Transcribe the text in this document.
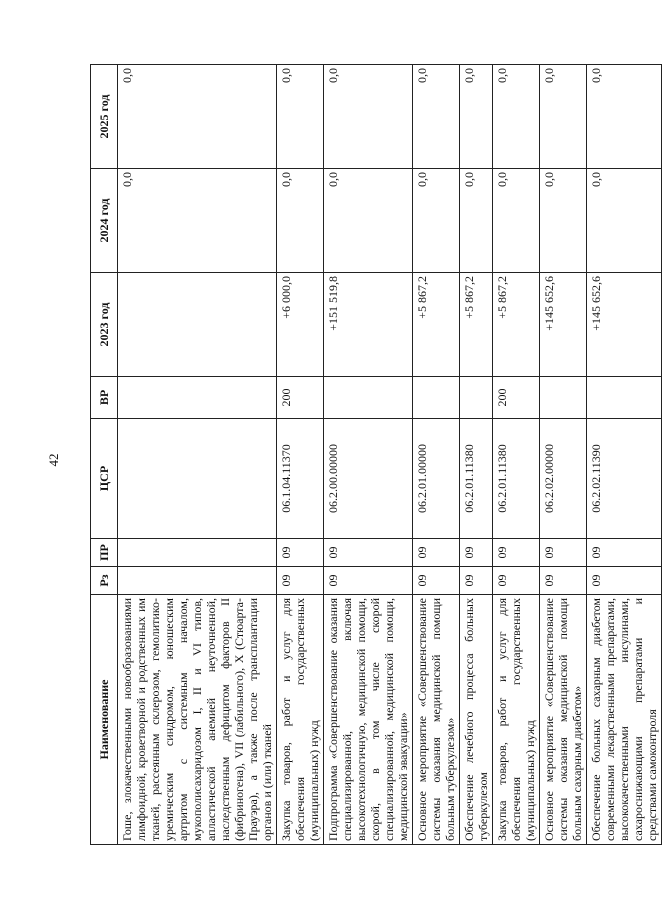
42
Наименование	Рз	ПР	ЦСР	ВР	2023 год	2024 год	2025 год
Гоше, злокачественными новообразованиями лимфоидной, кроветворной и родственных им тканей, рассеянным склерозом, гемолитико-уремическим синдромом, юношеским артритом с системным началом, мукополисахаридозом I, II и VI типов, апластической анемией неуточненной, наследственным дефицитом факторов II (фибриногена), VII (лабильного), X (Стюарта-Прауэра), а также после трансплантации органов и (или) тканей						0,0	0,0
Закупка товаров, работ и услуг для обеспечения государственных (муниципальных) нужд	09	09	06.1.04.11370	200	+6 000,0	0,0	0,0
Подпрограмма «Совершенствование оказания специализированной, включая высокотехнологичную, медицинской помощи, скорой, в том числе скорой специализированной, медицинской помощи, медицинской эвакуации»	09	09	06.2.00.00000		+151 519,8	0,0	0,0
Основное мероприятие «Совершенствование системы оказания медицинской помощи больным туберкулезом»	09	09	06.2.01.00000		+5 867,2	0,0	0,0
Обеспечение лечебного процесса больных туберкулезом	09	09	06.2.01.11380		+5 867,2	0,0	0,0
Закупка товаров, работ и услуг для обеспечения государственных (муниципальных) нужд	09	09	06.2.01.11380	200	+5 867,2	0,0	0,0
Основное мероприятие «Совершенствование системы оказания медицинской помощи больным сахарным диабетом»	09	09	06.2.02.00000		+145 652,6	0,0	0,0
Обеспечение больных сахарным диабетом современными лекарственными препаратами, высококачественными инсулинами, сахароснижающими препаратами и средствами самоконтроля	09	09	06.2.02.11390		+145 652,6	0,0	0,0
